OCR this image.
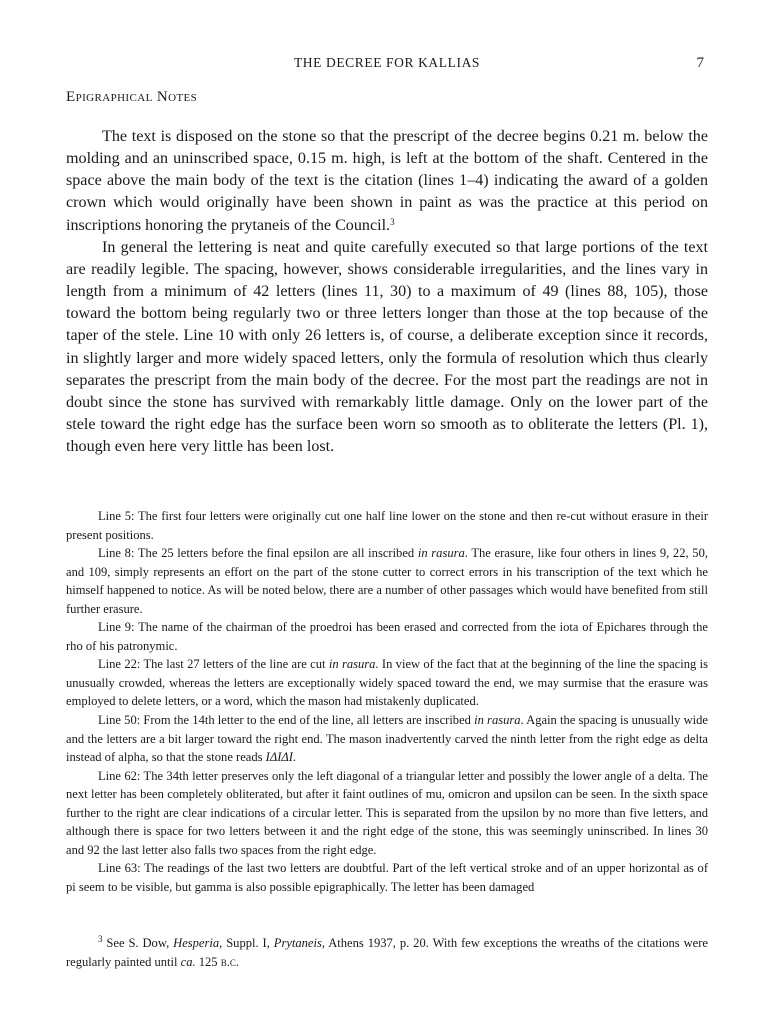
THE DECREE FOR KALLIAS	7
Epigraphical Notes

The text is disposed on the stone so that the prescript of the decree begins 0.21 m. below the molding and an uninscribed space, 0.15 m. high, is left at the bottom of the shaft. Centered in the space above the main body of the text is the citation (lines 1–4) indicating the award of a golden crown which would originally have been shown in paint as was the practice at this period on inscriptions honoring the prytaneis of the Council.$^3$

In general the lettering is neat and quite carefully executed so that large portions of the text are readily legible. The spacing, however, shows considerable irregularities, and the lines vary in length from a minimum of 42 letters (lines 11, 30) to a maximum of 49 (lines 88, 105), those toward the bottom being regularly two or three letters longer than those at the top because of the taper of the stele. Line 10 with only 26 letters is, of course, a deliberate exception since it records, in slightly larger and more widely spaced letters, only the formula of resolution which thus clearly separates the prescript from the main body of the decree. For the most part the readings are not in doubt since the stone has survived with remarkably little damage. Only on the lower part of the stele toward the right edge has the surface been worn so smooth as to obliterate the letters (Pl. 1), though even here very little has been lost.

Line 5: The first four letters were originally cut one half line lower on the stone and then re-cut without erasure in their present positions.

Line 8: The 25 letters before the final epsilon are all inscribed in rasura. The erasure, like four others in lines 9, 22, 50, and 109, simply represents an effort on the part of the stone cutter to correct errors in his transcription of the text which he himself happened to notice. As will be noted below, there are a number of other passages which would have benefited from still further erasure.

Line 9: The name of the chairman of the proedroi has been erased and corrected from the iota of Epichares through the rho of his patronymic.

Line 22: The last 27 letters of the line are cut in rasura. In view of the fact that at the beginning of the line the spacing is unusually crowded, whereas the letters are exceptionally widely spaced toward the end, we may surmise that the erasure was employed to delete letters, or a word, which the mason had mistakenly duplicated.

Line 50: From the 14th letter to the end of the line, all letters are inscribed in rasura. Again the spacing is unusually wide and the letters are a bit larger toward the right end. The mason inadvertently carved the ninth letter from the right edge as delta instead of alpha, so that the stone reads ΙΔΙΔΙ.

Line 62: The 34th letter preserves only the left diagonal of a triangular letter and possibly the lower angle of a delta. The next letter has been completely obliterated, but after it faint outlines of mu, omicron and upsilon can be seen. In the sixth space further to the right are clear indications of a circular letter. This is separated from the upsilon by no more than five letters, and although there is space for two letters between it and the right edge of the stone, this was seemingly uninscribed. In lines 30 and 92 the last letter also falls two spaces from the right edge.

Line 63: The readings of the last two letters are doubtful. Part of the left vertical stroke and of an upper horizontal as of pi seem to be visible, but gamma is also possible epigraphically. The letter has been damaged

$^3$ See S. Dow, Hesperia, Suppl. I, Prytaneis, Athens 1937, p. 20. With few exceptions the wreaths of the citations were regularly painted until ca. 125 b.c.
